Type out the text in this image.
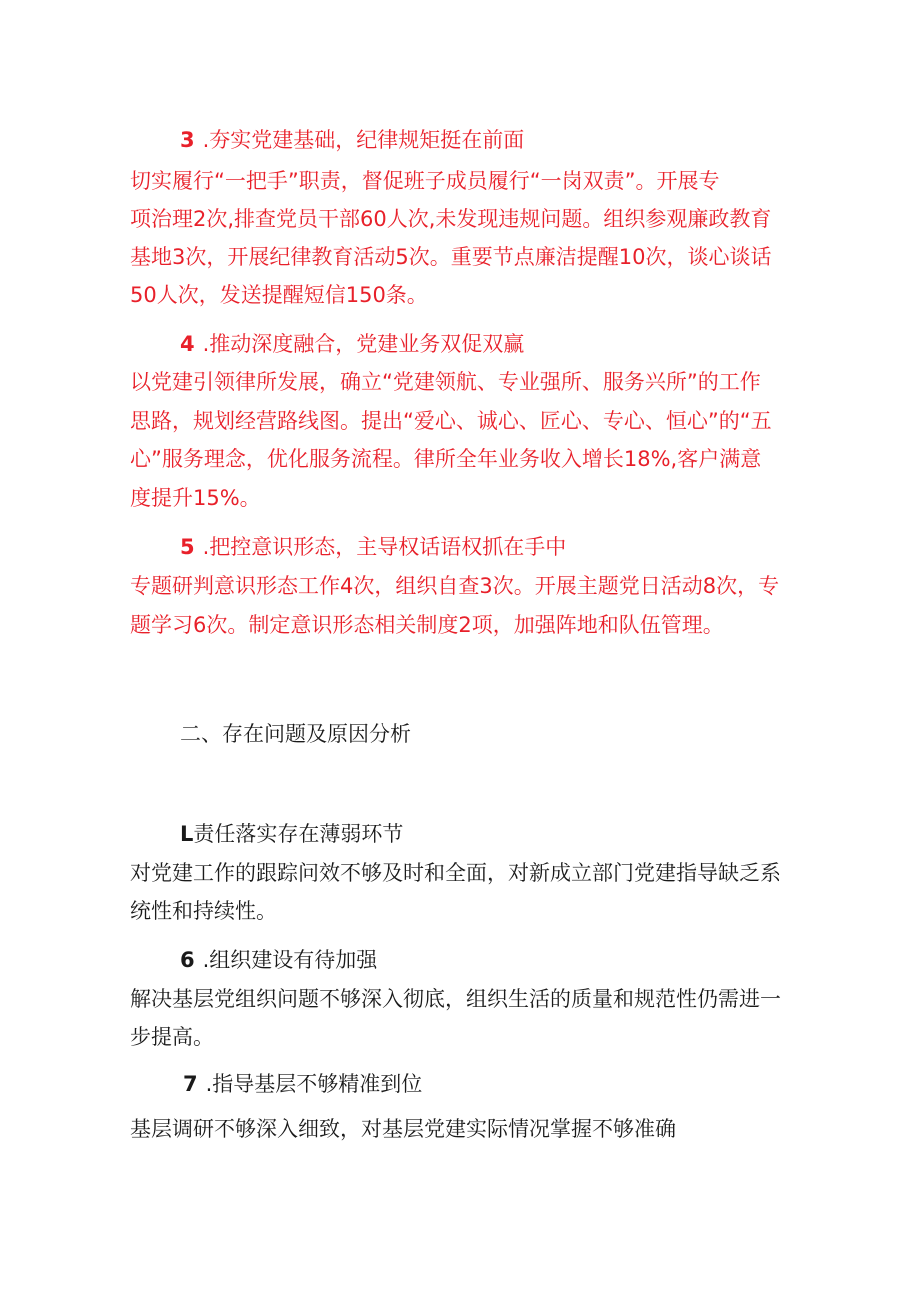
3 .夯实党建基础，纪律规矩挺在前面
切实履行“一把手”职责，督促班子成员履行“一岗双责”。开展专
项治理2次,排查党员干部60人次,未发现违规问题。组织参观廉政教育
基地3次，开展纪律教育活动5次。重要节点廉洁提醒10次，谈心谈话
50人次，发送提醒短信150条。
4 .推动深度融合，党建业务双促双赢
以党建引领律所发展，确立“党建领航、专业强所、服务兴所”的工作
思路，规划经营路线图。提出“爱心、诚心、匠心、专心、恒心”的“五
心”服务理念，优化服务流程。律所全年业务收入增长18%,客户满意
度提升15%。
5 .把控意识形态，主导权话语权抓在手中
专题研判意识形态工作4次，组织自查3次。开展主题党日活动8次，专
题学习6次。制定意识形态相关制度2项，加强阵地和队伍管理。
二、存在问题及原因分析
L责任落实存在薄弱环节
对党建工作的跟踪问效不够及时和全面，对新成立部门党建指导缺乏系
统性和持续性。
6 .组织建设有待加强
解决基层党组织问题不够深入彻底，组织生活的质量和规范性仍需进一
步提高。
7 .指导基层不够精准到位
基层调研不够深入细致，对基层党建实际情况掌握不够准确
